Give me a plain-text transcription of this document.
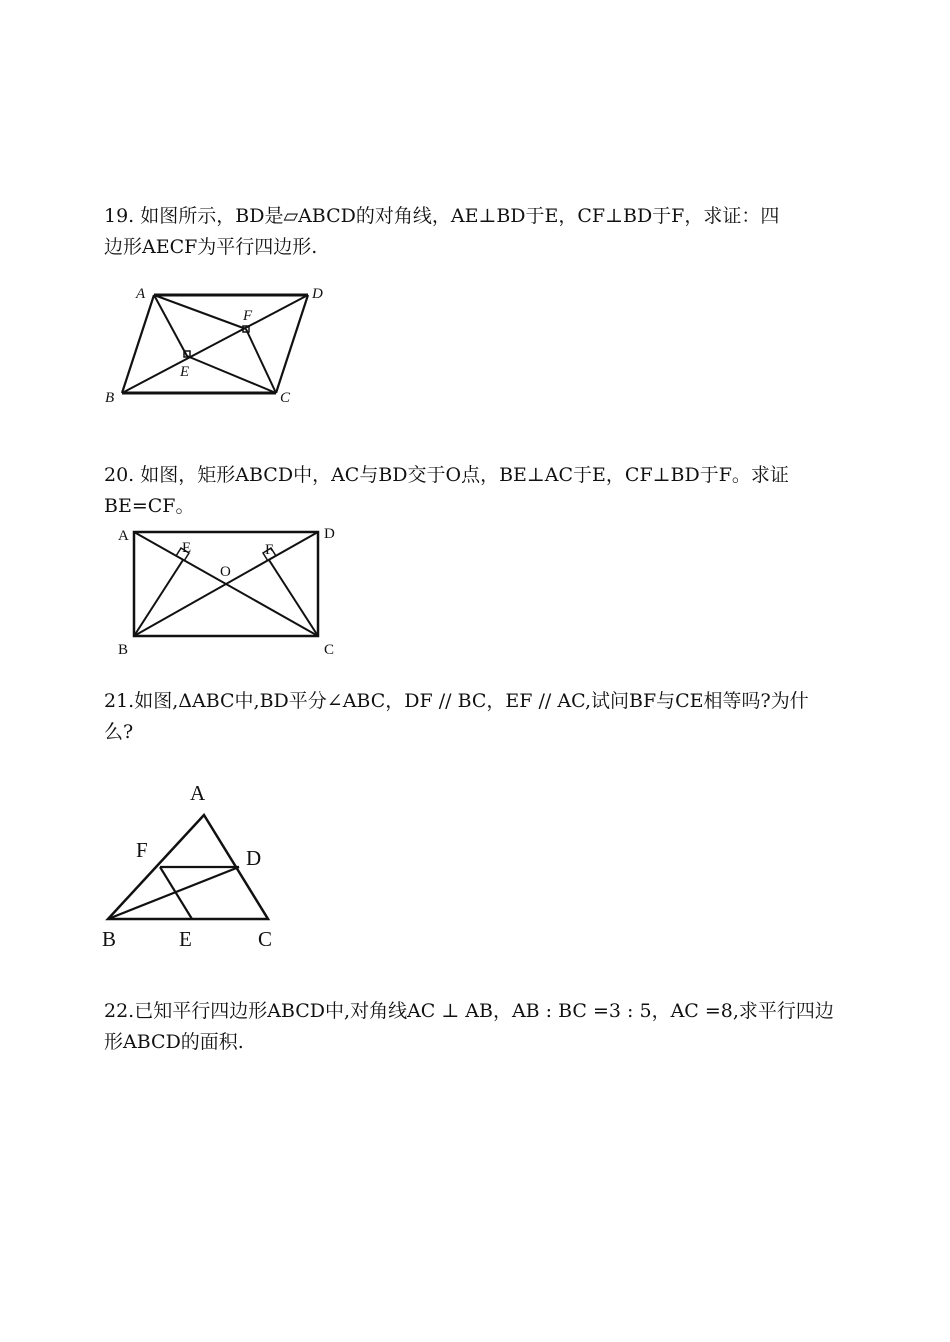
19. 如图所示，BD是▱ABCD的对角线，AE⊥BD于E，CF⊥BD于F，求证：四
边形AECF为平行四边形.
A	D
B	C
E
F
20. 如图，矩形ABCD中，AC与BD交于O点，BE⊥AC于E，CF⊥BD于F。求证
BE=CF。
A	D
B	C
E	F
O
21.如图,ΔABC中,BD平分∠ABC，DF // BC，EF // AC,试问BF与CE相等吗?为什
么?
A
F	D
B	E	C
22.已知平行四边形ABCD中,对角线AC ⊥ AB，AB : BC =3 : 5，AC =8,求平行四边
形ABCD的面积.
